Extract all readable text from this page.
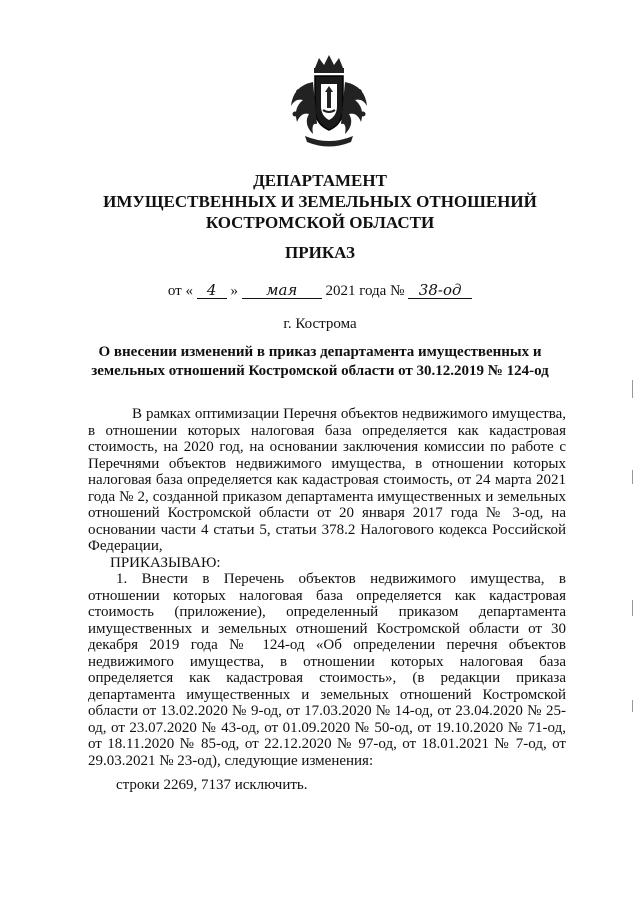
ДЕПАРТАМЕНТ
ИМУЩЕСТВЕННЫХ И ЗЕМЕЛЬНЫХ ОТНОШЕНИЙ
КОСТРОМСКОЙ ОБЛАСТИ
ПРИКАЗ
от « 4 » мая 2021 года № 38-од
г. Кострома
О внесении изменений в приказ департамента имущественных и
земельных отношений Костромской области от 30.12.2019 № 124-од

В рамках оптимизации Перечня объектов недвижимого имущества, в отношении которых налоговая база определяется как кадастровая стоимость, на 2020 год, на основании заключения комиссии по работе с Перечнями объектов недвижимого имущества, в отношении которых налоговая база определяется как кадастровая стоимость, от 24 марта 2021 года № 2, созданной приказом департамента имущественных и земельных отношений Костромской области от 20 января 2017 года № 3-од, на основании части 4 статьи 5, статьи 378.2 Налогового кодекса Российской Федерации,

ПРИКАЗЫВАЮ:

1. Внести в Перечень объектов недвижимого имущества, в отношении которых налоговая база определяется как кадастровая стоимость (приложение), определенный приказом департамента имущественных и земельных отношений Костромской области от 30 декабря 2019 года № 124-од «Об определении перечня объектов недвижимого имущества, в отношении которых налоговая база определяется как кадастровая стоимость», (в редакции приказа департамента имущественных и земельных отношений Костромской области от 13.02.2020 № 9-од, от 17.03.2020 № 14-од, от 23.04.2020 № 25-од, от 23.07.2020 № 43-од, от 01.09.2020 № 50-од, от 19.10.2020 № 71-од, от 18.11.2020 № 85-од, от 22.12.2020 № 97-од, от 18.01.2021 № 7-од, от 29.03.2021 № 23-од), следующие изменения:

строки 2269, 7137 исключить.
